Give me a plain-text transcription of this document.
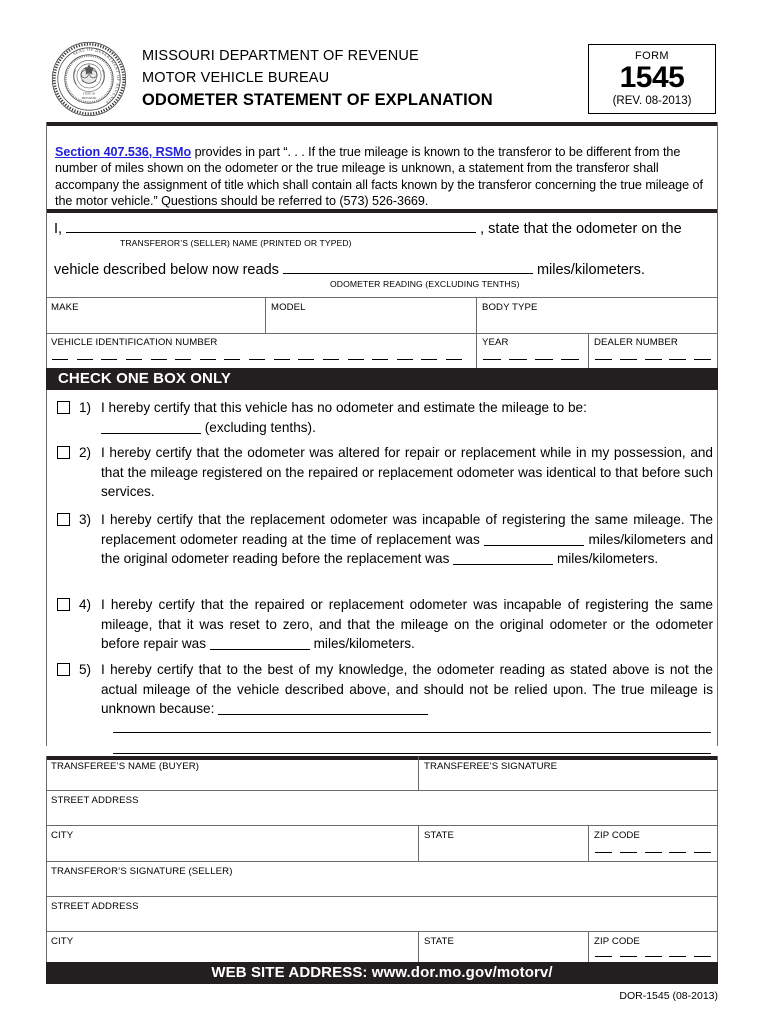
SEAL OF DEPARTMENT OF REVENUE
STATE OF
MISSOURI
MISSOURI DEPARTMENT OF REVENUE
MOTOR VEHICLE BUREAU
ODOMETER STATEMENT OF EXPLANATION
FORM
1545
(REV. 08-2013)

Section 407.536, RSMo provides in part “. . . If the true mileage is known to the transferor to be different from the number of miles shown on the odometer or the true mileage is unknown, a statement from the transferor shall accompany the assignment of title which shall contain all facts known by the transferor concerning the true mileage of the motor vehicle.” Questions should be referred to (573) 526-3669.

I,	, state that the odometer on the
TRANSFEROR’S (SELLER) NAME (PRINTED OR TYPED)
vehicle described below now reads	miles/kilometers.
ODOMETER READING (EXCLUDING TENTHS)
MAKE	MODEL	BODY TYPE
VEHICLE IDENTIFICATION NUMBER	YEAR	DEALER NUMBER
CHECK ONE BOX ONLY
1) I hereby certify that this vehicle has no odometer and estimate the mileage to be:
(excluding tenths).
2) I hereby certify that the odometer was altered for repair or replacement while in my possession, and that the mileage registered on the repaired or replacement odometer was identical to that before such services.
3) I hereby certify that the replacement odometer was incapable of registering the same mileage. The replacement odometer reading at the time of replacement was	miles/kilometers and the original odometer reading before the replacement was	miles/kilometers.
4) I hereby certify that the repaired or replacement odometer was incapable of registering the same mileage, that it was reset to zero, and that the mileage on the original odometer or the odometer before repair was	miles/kilometers.
5) I hereby certify that to the best of my knowledge, the odometer reading as stated above is not the actual mileage of the vehicle described above, and should not be relied upon. The true mileage is unknown because:
TRANSFEREE’S NAME (BUYER)	TRANSFEREE’S SIGNATURE
STREET ADDRESS
CITY	STATE	ZIP CODE
TRANSFEROR’S SIGNATURE (SELLER)
STREET ADDRESS
CITY	STATE	ZIP CODE
WEB SITE ADDRESS: www.dor.mo.gov/motorv/
DOR-1545 (08-2013)
